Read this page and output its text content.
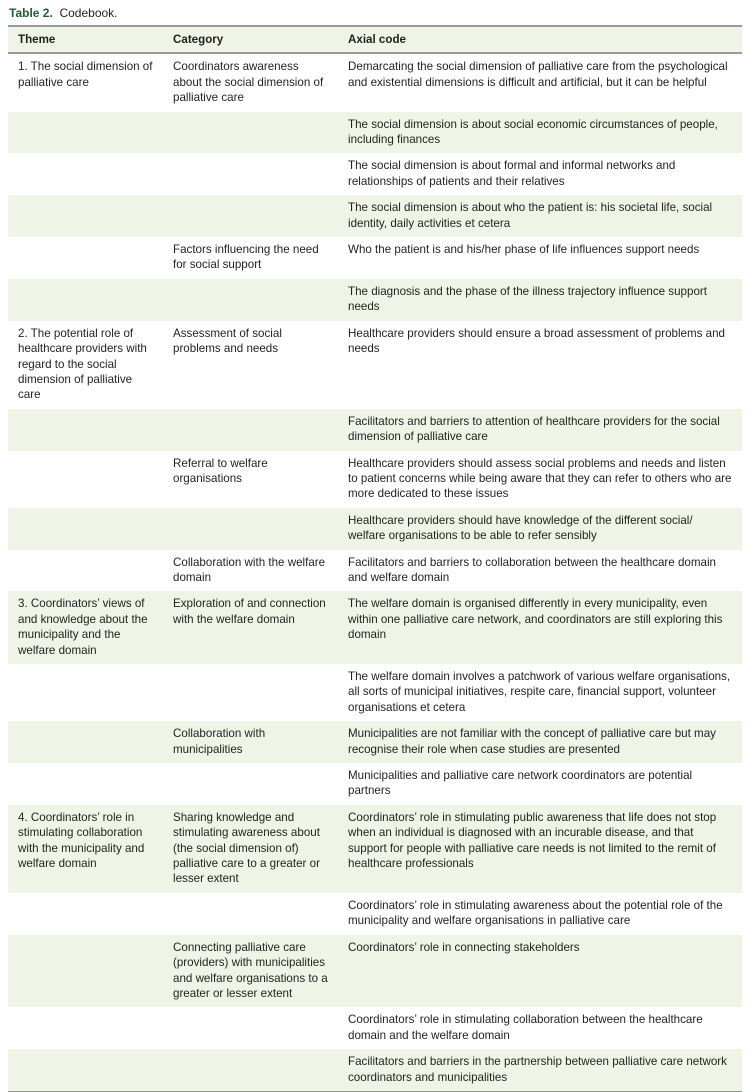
Table 2. Codebook.
Theme	Category	Axial code
1. The social dimension of palliative care	Coordinators awareness about the social dimension of palliative care	Demarcating the social dimension of palliative care from the psychological and existential dimensions is difficult and artificial, but it can be helpful
		The social dimension is about social economic circumstances of people, including finances
		The social dimension is about formal and informal networks and relationships of patients and their relatives
		The social dimension is about who the patient is: his societal life, social identity, daily activities et cetera
	Factors influencing the need for social support	Who the patient is and his/her phase of life influences support needs
		The diagnosis and the phase of the illness trajectory influence support needs
2. The potential role of healthcare providers with regard to the social dimension of palliative care	Assessment of social problems and needs	Healthcare providers should ensure a broad assessment of problems and needs
		Facilitators and barriers to attention of healthcare providers for the social dimension of palliative care
	Referral to welfare organisations	Healthcare providers should assess social problems and needs and listen to patient concerns while being aware that they can refer to others who are more dedicated to these issues
		Healthcare providers should have knowledge of the different social/ welfare organisations to be able to refer sensibly
	Collaboration with the welfare domain	Facilitators and barriers to collaboration between the healthcare domain and welfare domain
3. Coordinators’ views of and knowledge about the municipality and the welfare domain	Exploration of and connection with the welfare domain	The welfare domain is organised differently in every municipality, even within one palliative care network, and coordinators are still exploring this domain
		The welfare domain involves a patchwork of various welfare organisations, all sorts of municipal initiatives, respite care, financial support, volunteer organisations et cetera
	Collaboration with municipalities	Municipalities are not familiar with the concept of palliative care but may recognise their role when case studies are presented
		Municipalities and palliative care network coordinators are potential partners
4. Coordinators’ role in stimulating collaboration with the municipality and welfare domain	Sharing knowledge and stimulating awareness about (the social dimension of) palliative care to a greater or lesser extent	Coordinators’ role in stimulating public awareness that life does not stop when an individual is diagnosed with an incurable disease, and that support for people with palliative care needs is not limited to the remit of healthcare professionals
		Coordinators’ role in stimulating awareness about the potential role of the municipality and welfare organisations in palliative care
	Connecting palliative care (providers) with municipalities and welfare organisations to a greater or lesser extent	Coordinators’ role in connecting stakeholders
		Coordinators’ role in stimulating collaboration between the healthcare domain and the welfare domain
		Facilitators and barriers in the partnership between palliative care network coordinators and municipalities
